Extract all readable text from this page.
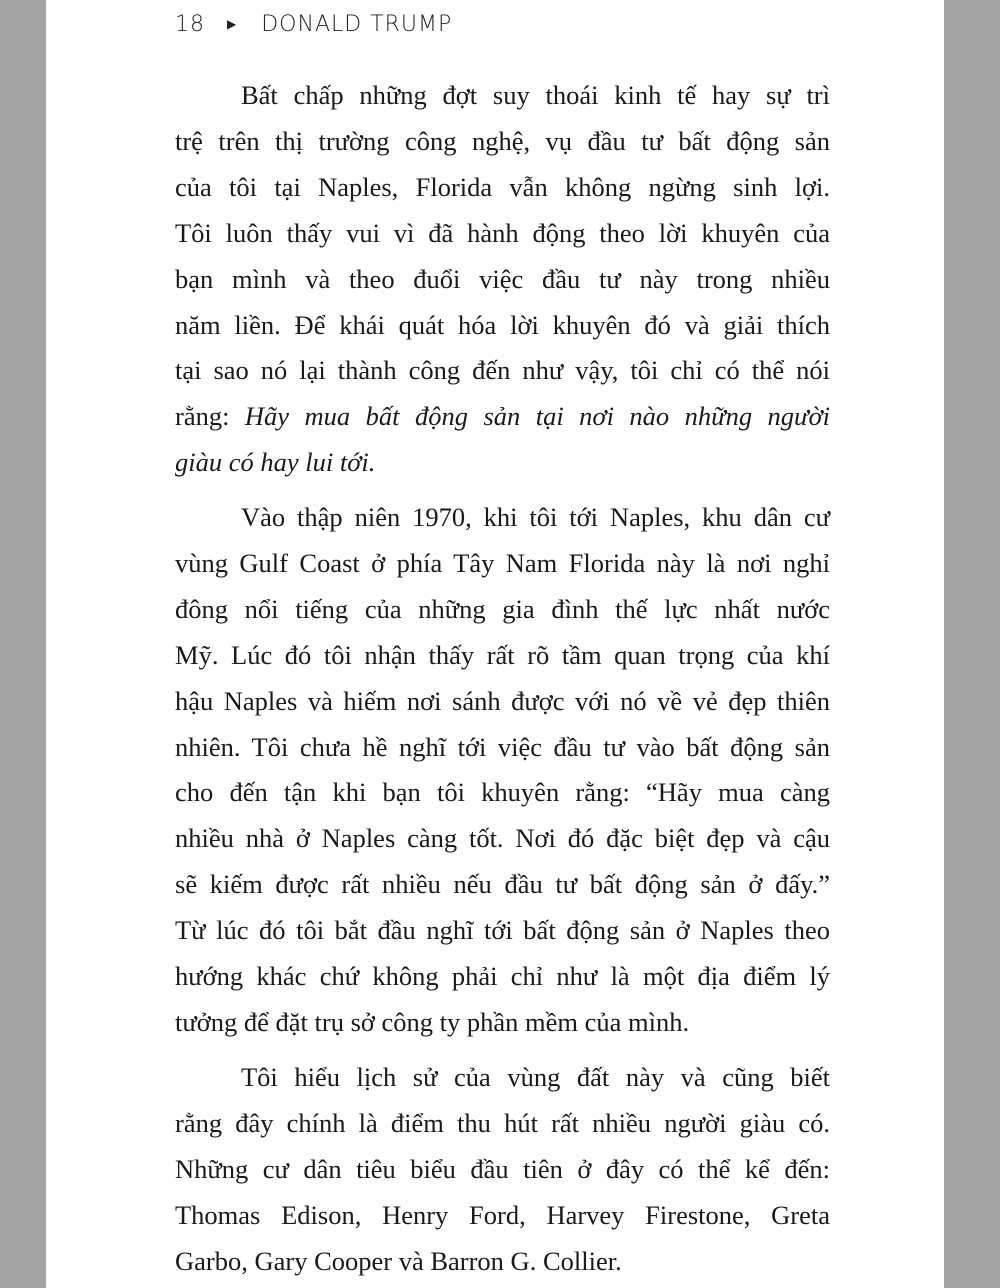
18 ▶ DONALD TRUMP
Bất chấp những đợt suy thoái kinh tế hay sự trì
trệ trên thị trường công nghệ, vụ đầu tư bất động sản
của tôi tại Naples, Florida vẫn không ngừng sinh lợi.
Tôi luôn thấy vui vì đã hành động theo lời khuyên của
bạn mình và theo đuổi việc đầu tư này trong nhiều
năm liền. Để khái quát hóa lời khuyên đó và giải thích
tại sao nó lại thành công đến như vậy, tôi chỉ có thể nói
rằng: Hãy mua bất động sản tại nơi nào những người
giàu có hay lui tới.
Vào thập niên 1970, khi tôi tới Naples, khu dân cư
vùng Gulf Coast ở phía Tây Nam Florida này là nơi nghỉ
đông nổi tiếng của những gia đình thế lực nhất nước
Mỹ. Lúc đó tôi nhận thấy rất rõ tầm quan trọng của khí
hậu Naples và hiếm nơi sánh được với nó về vẻ đẹp thiên
nhiên. Tôi chưa hề nghĩ tới việc đầu tư vào bất động sản
cho đến tận khi bạn tôi khuyên rằng: “Hãy mua càng
nhiều nhà ở Naples càng tốt. Nơi đó đặc biệt đẹp và cậu
sẽ kiếm được rất nhiều nếu đầu tư bất động sản ở đấy.”
Từ lúc đó tôi bắt đầu nghĩ tới bất động sản ở Naples theo
hướng khác chứ không phải chỉ như là một địa điểm lý
tưởng để đặt trụ sở công ty phần mềm của mình.
Tôi hiểu lịch sử của vùng đất này và cũng biết
rằng đây chính là điểm thu hút rất nhiều người giàu có.
Những cư dân tiêu biểu đầu tiên ở đây có thể kể đến:
Thomas Edison, Henry Ford, Harvey Firestone, Greta
Garbo, Gary Cooper và Barron G. Collier.
